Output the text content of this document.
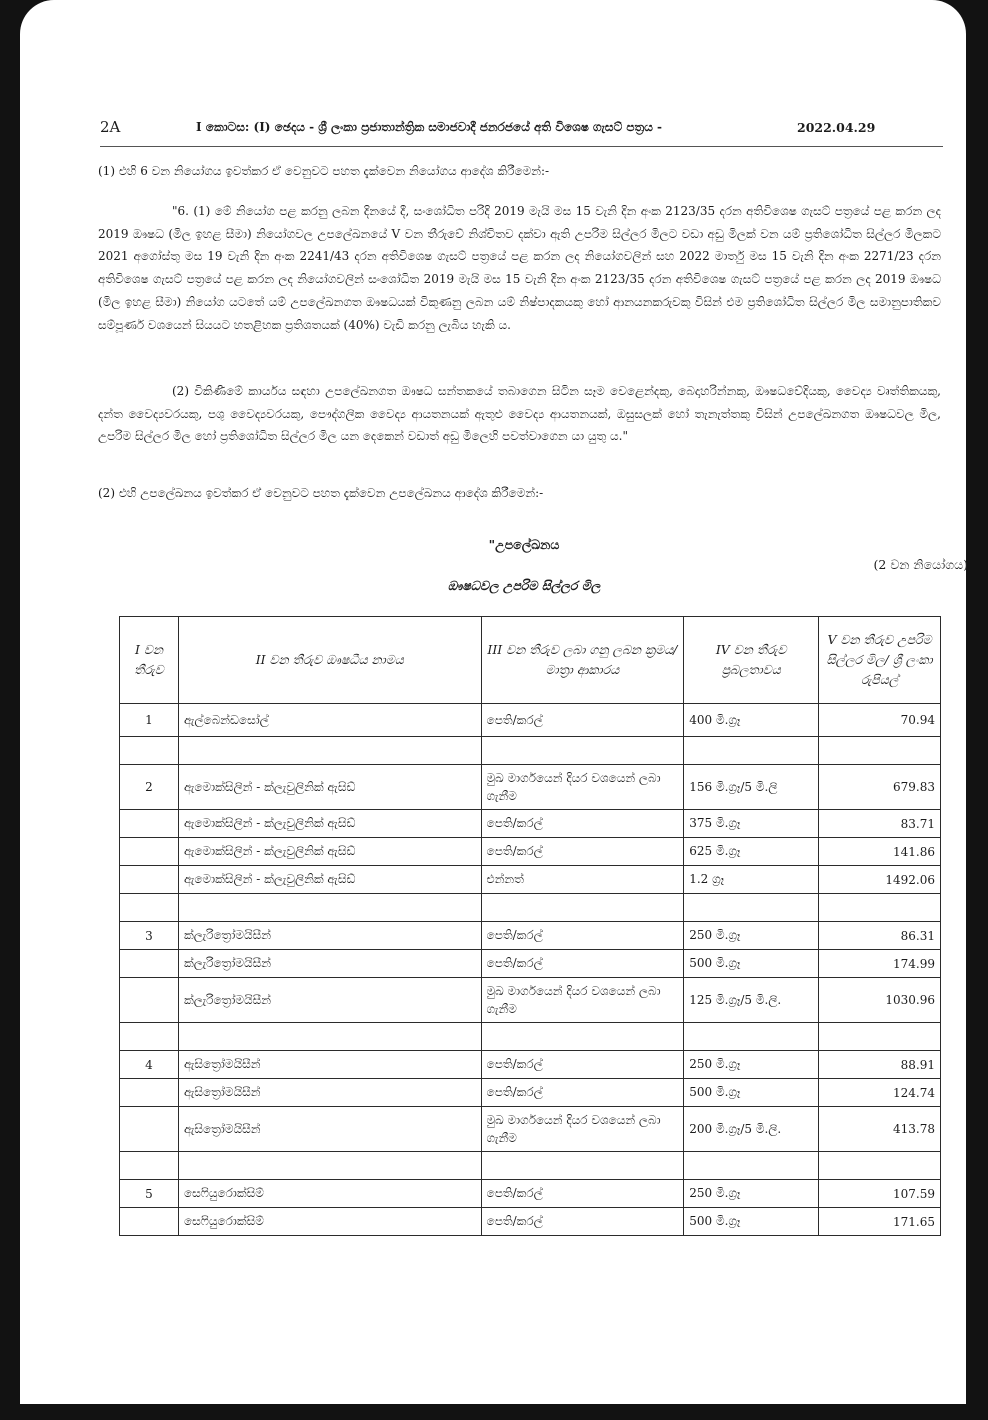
2A	I කොටස: (I) ඡෙදය - ශ්‍රී ලංකා ප්‍රජාතාන්ත්‍රික සමාජවාදී ජනරජයේ අති විශෙෂ ගැසට් පත්‍රය -	2022.04.29
(1) එහි 6 වන නියෝගය ඉවත්කර ඒ වෙනුවට පහත දැක්වෙන නියෝගය ආදේශ කිරීමෙන්:-
"6. (1) මේ නියෝග පළ කරනු ලබන දිනයේ දී, සංශෝධිත පරිදි 2019 මැයි මස 15 වැනි දින අංක 2123/35 දරන අතිවිශෙෂ ගැසට් පත්‍රයේ පළ කරන ලද 2019 ඖෂධ (මිල ඉහළ සීමා) නියෝගවල උපලේඛනයේ V වන තීරුවේ නිශ්චිතව දක්වා ඇති උපරිම සිල්ලර මිලට වඩා අඩු මිලක් වන යම් ප්‍රතිශෝධිත සිල්ලර මිලකට 2021 අගෝස්තු මස 19 වැනි දින අංක 2241/43 දරන අතිවිශෙෂ ගැසට් පත්‍රයේ පළ කරන ලද නියෝගවලින් සහ 2022 මාර්තු මස 15 වැනි දින අංක 2271/23 දරන අතිවිශෙෂ ගැසට් පත්‍රයේ පළ කරන ලද නියෝගවලින් සංශෝධිත 2019 මැයි මස 15 වැනි දින අංක 2123/35 දරන අතිවිශෙෂ ගැසට් පත්‍රයේ පළ කරන ලද 2019 ඖෂධ (මිල ඉහළ සීමා) නියෝග යටතේ යම් උපලේඛනගත ඖෂධයක් විකුණනු ලබන යම් නිෂ්පාදකයකු හෝ ආනයනකරුවකු විසින් එම ප්‍රතිශෝධිත සිල්ලර මිල සමානුපාතිකව සම්පූර්ණ වශයෙන් සියයට හතළිහක ප්‍රතිශතයක් (40%) වැඩි කරනු ලැබිය හැකි ය.
(2) විකිණීමේ කාර්යය සඳහා උපලේඛනගත ඖෂධ සන්තකයේ තබාගෙන සිටින සෑම වෙළෙන්දකු, බෙදාහරින්නකු, ඖෂධවේදියකු, වෛද්‍ය වෘත්තිකයකු, දන්ත වෛද්‍යවරයකු, පශු වෛද්‍යවරයකු, පෞද්ගලික වෛද්‍ය ආයතනයක් ඇතුළු වෛද්‍ය ආයතනයක්, ඔසුසලක් හෝ තැනැත්තකු විසින් උපලේඛනගත ඖෂධවල මිල, උපරිම සිල්ලර මිල හෝ ප්‍රතිශෝධිත සිල්ලර මිල යන දෙකෙන් වඩාත් අඩු මිලෙහි පවත්වාගෙන යා යුතු ය."
(2) එහි උපලේඛනය ඉවත්කර ඒ වෙනුවට පහත දැක්වෙන උපලේඛනය ආදේශ කිරීමෙන්:-
"උපලේඛනය
(2 වන නියෝගය)
ඖෂධවල උපරිම සිල්ලර මිල
I වන තීරුව	II වන තීරුව ඖෂධීය නාමය	III වන තීරුව ලබා ගනු ලබන ක්‍රමය/මාත්‍රා ආකාරය	IV වන තීරුව ප්‍රබලතාවය	V වන තීරුව උපරිම සිල්ලර මිල/ ශ්‍රී ලංකා රුපියල්
1	ඇල්බෙන්ඩසෝල්	පෙති/කරල්	400 මි.ග්‍රෑ	70.94

2	ඇමොක්සිලින් - ක්ලැවුලිනික් ඇසිඩ්	මුඛ මාර්ගයෙන් දියර වශයෙන් ලබා ගැනීම	156 මි.ග්‍රෑ/5 මි.ලි	679.83
	ඇමොක්සිලින් - ක්ලැවුලිනික් ඇසිඩ්	පෙති/කරල්	375 මි.ග්‍රෑ	83.71
	ඇමොක්සිලින් - ක්ලැවුලිනික් ඇසිඩ්	පෙති/කරල්	625 මි.ග්‍රෑ	141.86
	ඇමොක්සිලින් - ක්ලැවුලිනික් ඇසිඩ්	එන්නත්	1.2 ග්‍රෑ	1492.06

3	ක්ලැරිත්‍රෝමයිසීන්	පෙති/කරල්	250 මි.ග්‍රෑ	86.31
	ක්ලැරිත්‍රෝමයිසීන්	පෙති/කරල්	500 මි.ග්‍රෑ	174.99
	ක්ලැරිත්‍රෝමයිසීන්	මුඛ මාර්ගයෙන් දියර වශයෙන් ලබා ගැනීම	125 මි.ග්‍රෑ/5 මි.ලි.	1030.96

4	ඇසිත්‍රෝමයිසීන්	පෙති/කරල්	250 මි.ග්‍රෑ	88.91
	ඇසිත්‍රෝමයිසීන්	පෙති/කරල්	500 මි.ග්‍රෑ	124.74
	ඇසිත්‍රෝමයිසීන්	මුඛ මාර්ගයෙන් දියර වශයෙන් ලබා ගැනීම	200 මි.ග්‍රෑ/5 මි.ලි.	413.78

5	සෙෆියුරොක්සිම්	පෙති/කරල්	250 මි.ග්‍රෑ	107.59
	සෙෆියුරොක්සිම්	පෙති/කරල්	500 මි.ග්‍රෑ	171.65
